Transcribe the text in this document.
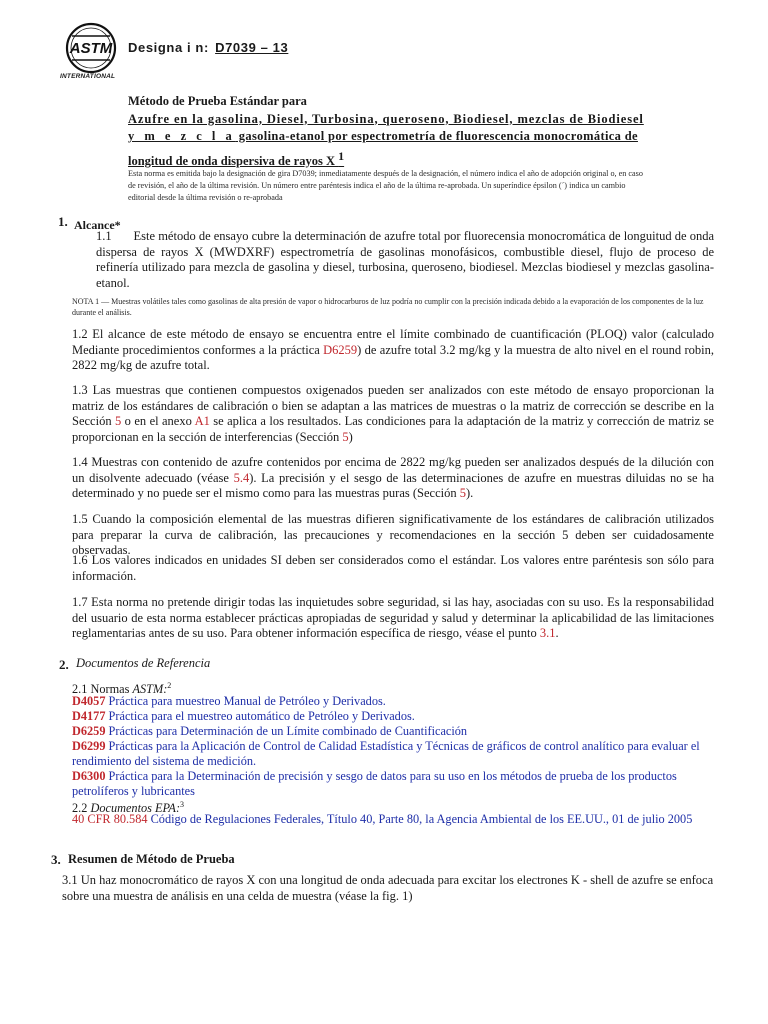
ASTM
INTERNATIONAL
Designa i n: D7039 – 13
Método de Prueba Estándar para
Azufre en la gasolina, Diesel, Turbosina, queroseno, Biodiesel, mezclas de Biodiesel
y m e z c l a gasolina-etanol por espectrometría de fluorescencia monocromática de
longitud de onda dispersiva de rayos X $^1$
Esta norma es emitida bajo la designación de gira D7039; inmediatamente después de la designación, el número indica el año de adopción original o, en caso de revisión, el año de la última revisión. Un número entre paréntesis indica el año de la última re-aprobada. Un superíndice épsilon (´) indica un cambio editorial desde la última revisión o re-aprobada
1. Alcance*

1.1       Este método de ensayo cubre la determinación de azufre total por fluorecensia monocromática de longuitud de onda dispersa de rayos X (MWDXRF) espectrometría de gasolinas monofásicos, combustible diesel, flujo de proceso de refinería utilizado para mezcla de gasolina y diesel, turbosina, queroseno, biodiesel. Mezclas biodiesel y mezclas gasolina-etanol.

NOTA 1 — Muestras volátiles tales como gasolinas de alta presión de vapor o hidrocarburos de luz podría no cumplir con la precisión indicada debido a la evaporación de los componentes de la luz durante el análisis.

1.2 El alcance de este método de ensayo se encuentra entre el límite combinado de cuantificación (PLOQ) valor (calculado Mediante procedimientos conformes a la práctica D6259) de azufre total 3.2 mg/kg y la muestra de alto nivel en el round robin, 2822 mg/kg de azufre total.

1.3 Las muestras que contienen compuestos oxigenados pueden ser analizados con este método de ensayo proporcionan la matriz de los estándares de calibración o bien se adaptan a las matrices de muestras o la matriz de corrección se describe en la Sección 5 o en el anexo A1 se aplica a los resultados. Las condiciones para la adaptación de la matriz y corrección de matriz se proporcionan en la sección de interferencias (Sección 5)

1.4 Muestras con contenido de azufre contenidos por encima de 2822 mg/kg pueden ser analizados después de la dilución con un disolvente adecuado (véase 5.4). La precisión y el sesgo de las determinaciones de azufre en muestras diluidas no se ha determinado y no puede ser el mismo como para las muestras puras (Sección 5).

1.5 Cuando la composición elemental de las muestras difieren significativamente de los estándares de calibración utilizados para preparar la curva de calibración, las precauciones y recomendaciones en la sección 5 deben ser cuidadosamente observadas.

1.6 Los valores indicados en unidades SI deben ser considerados como el estándar. Los valores entre paréntesis son sólo para información.

1.7 Esta norma no pretende dirigir todas las inquietudes sobre seguridad, si las hay, asociadas con su uso. Es la responsabilidad del usuario de esta norma establecer prácticas apropiadas de seguridad y salud y determinar la aplicabilidad de las limitaciones reglamentarias antes de su uso. Para obtener información específica de riesgo, véase el punto 3.1.

2. Documentos de Referencia
2.1 Normas ASTM:$^2$
D4057 Práctica para muestreo Manual de Petróleo y Derivados.
D4177 Práctica para el muestreo automático de Petróleo y Derivados.
D6259 Prácticas para Determinación de un Límite combinado de Cuantificación
D6299 Prácticas para la Aplicación de Control de Calidad Estadística y Técnicas de gráficos de control analítico para evaluar el rendimiento del sistema de medición.
D6300 Práctica para la Determinación de precisión y sesgo de datos para su uso en los métodos de prueba de los productos petrolíferos y lubricantes
2.2 Documentos EPA:$^3$
40 CFR 80.584 Código de Regulaciones Federales, Título 40, Parte 80, la Agencia Ambiental de los EE.UU., 01 de julio 2005
3. Resumen de Método de Prueba

3.1 Un haz monocromático de rayos X con una longitud de onda adecuada para excitar los electrones K - shell de azufre se enfoca sobre una muestra de análisis en una celda de muestra (véase la fig. 1)
